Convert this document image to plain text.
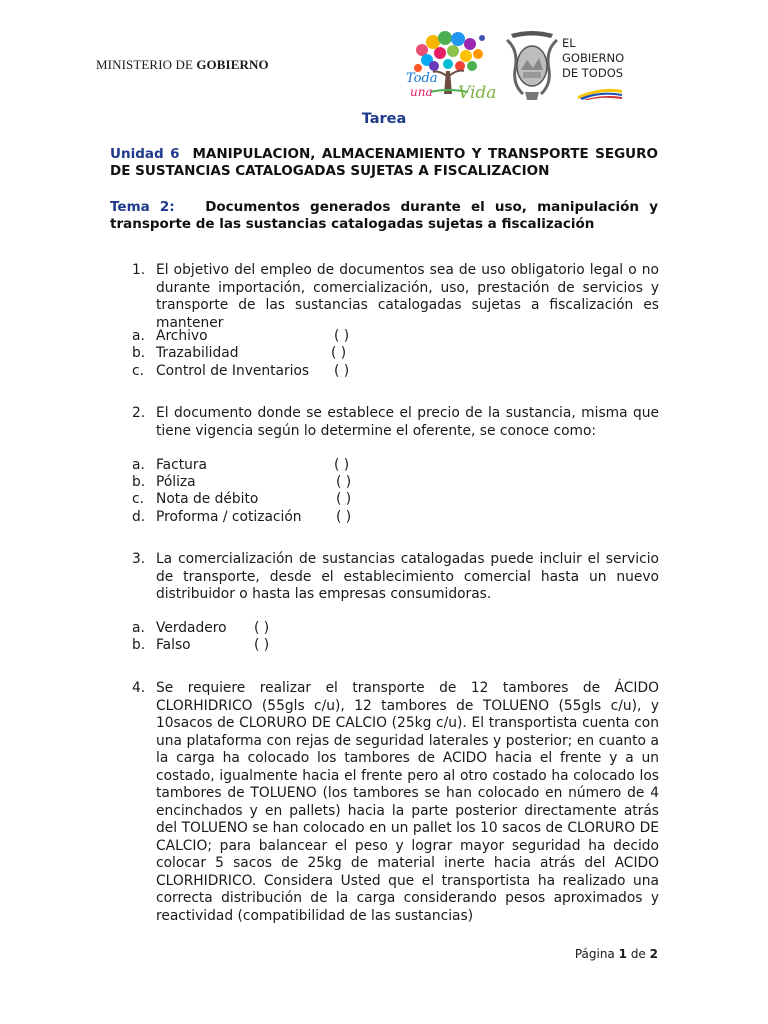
MINISTERIO DE GOBIERNO
Toda
una Vida
EL
GOBIERNO
DE TODOS
Tarea
Unidad 6 MANIPULACION, ALMACENAMIENTO Y TRANSPORTE SEGURO DE SUSTANCIAS CATALOGADAS SUJETAS A FISCALIZACION
Tema 2: Documentos generados durante el uso, manipulación y transporte de las sustancias catalogadas sujetas a fiscalización
1. El objetivo del empleo de documentos sea de uso obligatorio legal o no durante importación, comercialización, uso, prestación de servicios y transporte de las sustancias catalogadas sujetas a fiscalización es mantener
a. Archivo	( )
b. Trazabilidad	( )
c. Control de Inventarios ( )
2. El documento donde se establece el precio de la sustancia, misma que tiene vigencia según lo determine el oferente, se conoce como:
a. Factura	( )
b. Póliza	( )
c. Nota de débito	( )
d. Proforma / cotización ( )
3. La comercialización de sustancias catalogadas puede incluir el servicio de transporte, desde el establecimiento comercial hasta un nuevo distribuidor o hasta las empresas consumidoras.
a. Verdadero ( )
b. Falso	( )
4. Se requiere realizar el transporte de 12 tambores de ÁCIDO CLORHIDRICO (55gls c/u), 12 tambores de TOLUENO (55gls c/u), y 10sacos de CLORURO DE CALCIO (25kg c/u). El transportista cuenta con una plataforma con rejas de seguridad laterales y posterior; en cuanto a la carga ha colocado los tambores de ACIDO hacia el frente y a un costado, igualmente hacia el frente pero al otro costado ha colocado los tambores de TOLUENO (los tambores se han colocado en número de 4 encinchados y en pallets) hacia la parte posterior directamente atrás del TOLUENO se han colocado en un pallet los 10 sacos de CLORURO DE CALCIO; para balancear el peso y lograr mayor seguridad ha decido colocar 5 sacos de 25kg de material inerte hacia atrás del ACIDO CLORHIDRICO. Considera Usted que el transportista ha realizado una correcta distribución de la carga considerando pesos aproximados y reactividad (compatibilidad de las sustancias)
Página 1 de 2
